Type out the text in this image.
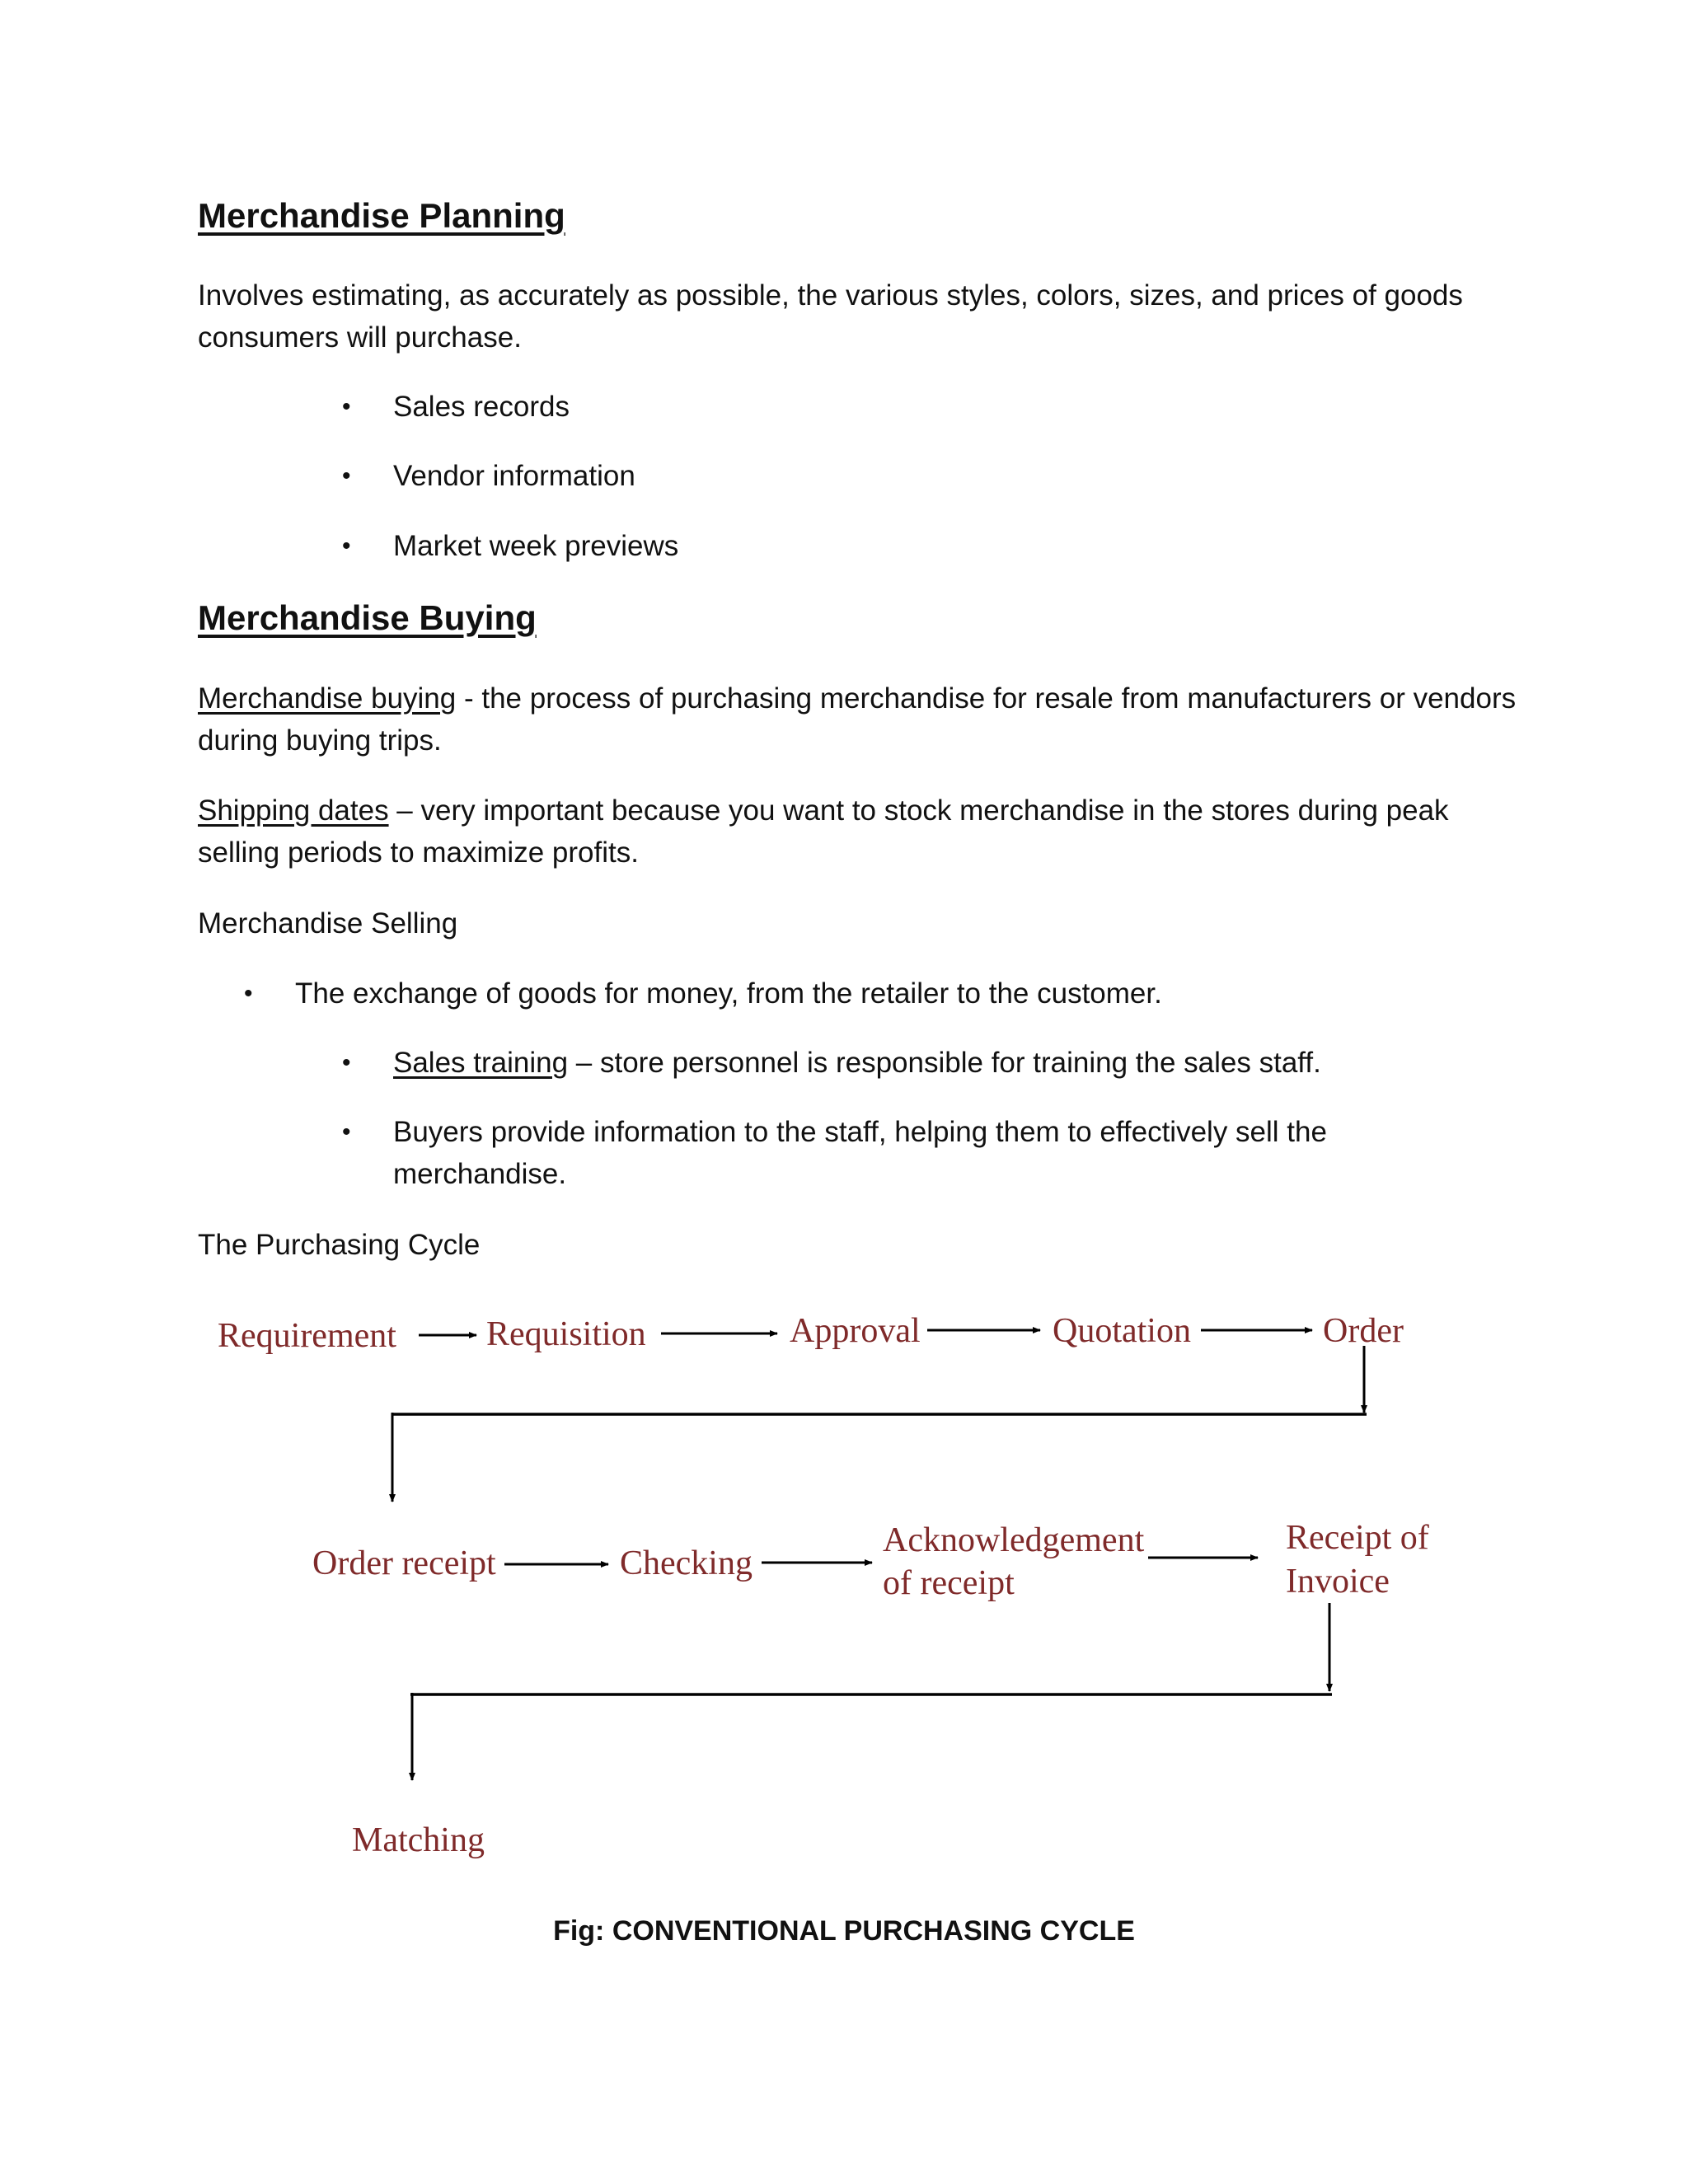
Merchandise Planning

Involves estimating, as accurately as possible, the various styles, colors, sizes, and prices of goods consumers will purchase.

• Sales records

• Vendor information

• Market week previews

Merchandise Buying

Merchandise buying - the process of purchasing merchandise for resale from manufacturers or vendors during buying trips.

Shipping dates – very important because you want to stock merchandise in the stores during peak selling periods to maximize profits.

Merchandise Selling

• The exchange of goods for money, from the retailer to the customer.

• Sales training – store personnel is responsible for training the sales staff.

• Buyers provide information to the staff, helping them to effectively sell the merchandise.

The Purchasing Cycle

Requirement	Requisition	Approval	Quotation	Order
Order receipt	Checking
Acknowledgement
of receipt
Receipt of
Invoice
Matching

Fig: CONVENTIONAL PURCHASING CYCLE
